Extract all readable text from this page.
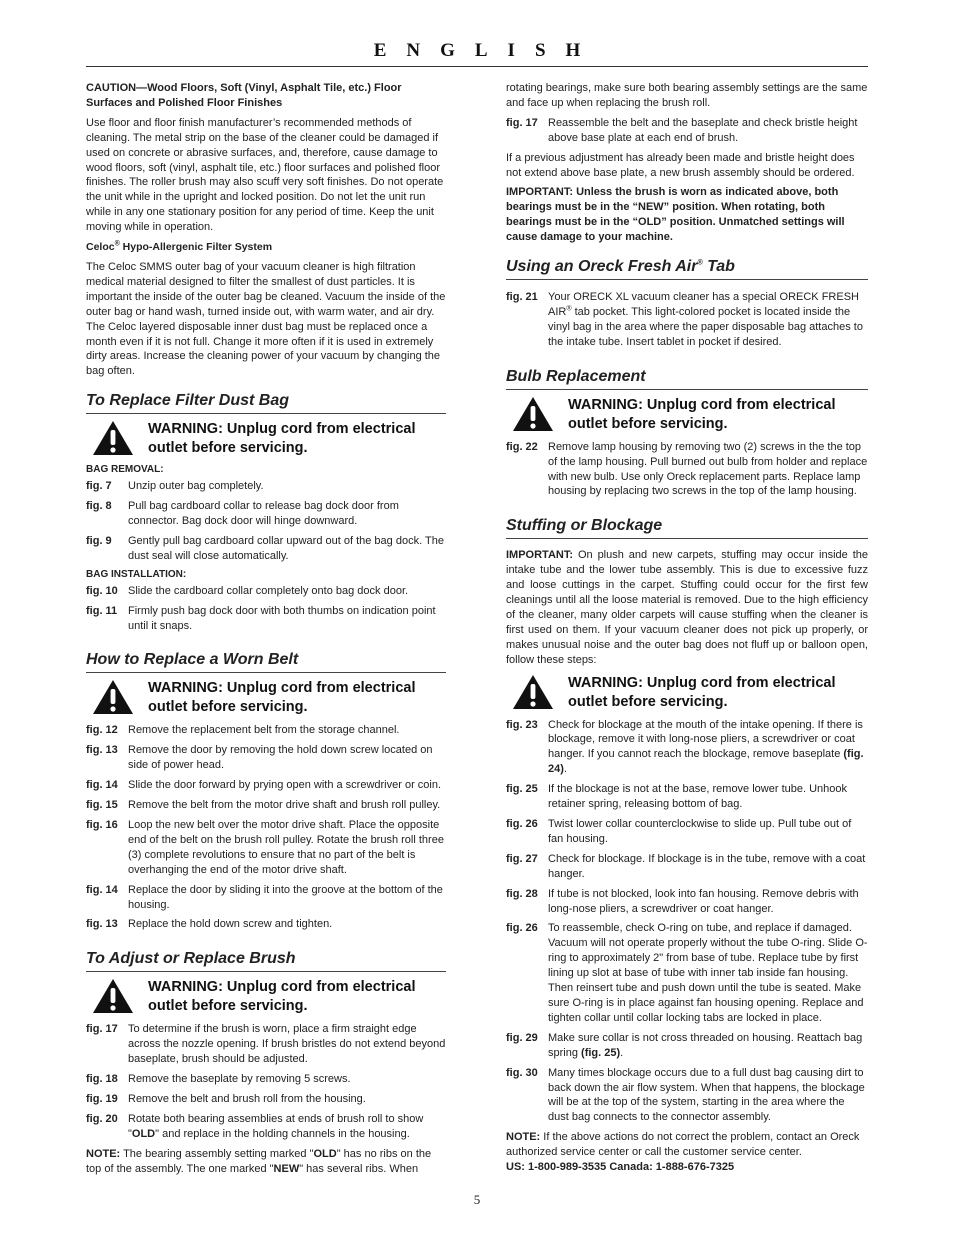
ENGLISH

CAUTION—Wood Floors, Soft (Vinyl, Asphalt Tile, etc.) Floor Surfaces and Polished Floor Finishes

Use floor and floor finish manufacturer’s recommended methods of cleaning. The metal strip on the base of the cleaner could be damaged if used on concrete or abrasive surfaces, and, therefore, cause damage to wood floors, soft (vinyl, asphalt tile, etc.) floor surfaces and polished floor finishes. The roller brush may also scuff very soft finishes. Do not operate the unit while in the upright and locked position. Do not let the unit run while in any one stationary position for any period of time. Keep the unit moving while in operation.

Celoc® Hypo-Allergenic Filter System

The Celoc SMMS outer bag of your vacuum cleaner is high filtration medical material designed to filter the smallest of dust particles. It is important the inside of the outer bag be cleaned. Vacuum the inside of the outer bag or hand wash, turned inside out, with warm water, and air dry. The Celoc layered disposable inner dust bag must be replaced once a month even if it is not full. Change it more often if it is used in extremely dirty areas. Increase the cleaning power of your vacuum by changing the bag often.

To Replace Filter Dust Bag
WARNING: Unplug cord from electrical outlet before servicing.
BAG REMOVAL:
fig. 7	Unzip outer bag completely.
fig. 8	Pull bag cardboard collar to release bag dock door from connector. Bag dock door will hinge downward.
fig. 9	Gently pull bag cardboard collar upward out of the bag dock. The dust seal will close automatically.
BAG INSTALLATION:
fig. 10 Slide the cardboard collar completely onto bag dock door.
fig. 11 Firmly push bag dock door with both thumbs on indication point until it snaps.
How to Replace a Worn Belt
WARNING: Unplug cord from electrical outlet before servicing.
fig. 12 Remove the replacement belt from the storage channel.
fig. 13 Remove the door by removing the hold down screw located on side of power head.
fig. 14 Slide the door forward by prying open with a screwdriver or coin.
fig. 15 Remove the belt from the motor drive shaft and brush roll pulley.
fig. 16 Loop the new belt over the motor drive shaft. Place the opposite end of the belt on the brush roll pulley. Rotate the brush roll three (3) complete revolutions to ensure that no part of the belt is overhanging the end of the motor drive shaft.
fig. 14 Replace the door by sliding it into the groove at the bottom of the housing.
fig. 13 Replace the hold down screw and tighten.
To Adjust or Replace Brush
WARNING: Unplug cord from electrical outlet before servicing.
fig. 17 To determine if the brush is worn, place a firm straight edge across the nozzle opening. If brush bristles do not extend beyond baseplate, brush should be adjusted.
fig. 18 Remove the baseplate by removing 5 screws.
fig. 19 Remove the belt and brush roll from the housing.
fig. 20 Rotate both bearing assemblies at ends of brush roll to show "OLD" and replace in the holding channels in the housing.

NOTE: The bearing assembly setting marked "OLD" has no ribs on the top of the assembly. The one marked "NEW" has several ribs. When

rotating bearings, make sure both bearing assembly settings are the same and face up when replacing the brush roll.

fig. 17 Reassemble the belt and the baseplate and check bristle height above base plate at each end of brush.

If a previous adjustment has already been made and bristle height does not extend above base plate, a new brush assembly should be ordered.

IMPORTANT: Unless the brush is worn as indicated above, both bearings must be in the “NEW” position. When rotating, both bearings must be in the “OLD” position. Unmatched settings will cause damage to your machine.

Using an Oreck Fresh Air® Tab
fig. 21 Your ORECK XL vacuum cleaner has a special ORECK FRESH AIR® tab pocket. This light-colored pocket is located inside the vinyl bag in the area where the paper disposable bag attaches to the intake tube. Insert tablet in pocket if desired.
Bulb Replacement
WARNING: Unplug cord from electrical outlet before servicing.
fig. 22 Remove lamp housing by removing two (2) screws in the the top of the lamp housing. Pull burned out bulb from holder and replace with new bulb. Use only Oreck replacement parts. Replace lamp housing by replacing two screws in the top of the lamp housing.
Stuffing or Blockage

IMPORTANT: On plush and new carpets, stuffing may occur inside the intake tube and the lower tube assembly. This is due to excessive fuzz and loose cuttings in the carpet. Stuffing could occur for the first few cleanings until all the loose material is removed. Due to the high efficiency of the cleaner, many older carpets will cause stuffing when the cleaner is first used on them. If your vacuum cleaner does not pick up properly, or makes unusual noise and the outer bag does not fluff up or balloon open, follow these steps:

WARNING: Unplug cord from electrical outlet before servicing.
fig. 23 Check for blockage at the mouth of the intake opening. If there is blockage, remove it with long-nose pliers, a screwdriver or coat hanger. If you cannot reach the blockage, remove baseplate (fig. 24).
fig. 25 If the blockage is not at the base, remove lower tube. Unhook retainer spring, releasing bottom of bag.
fig. 26 Twist lower collar counterclockwise to slide up. Pull tube out of fan housing.
fig. 27 Check for blockage. If blockage is in the tube, remove with a coat hanger.
fig. 28 If tube is not blocked, look into fan housing. Remove debris with long-nose pliers, a screwdriver or coat hanger.
fig. 26 To reassemble, check O-ring on tube, and replace if damaged. Vacuum will not operate properly without the tube O-ring. Slide O-ring to approximately 2" from base of tube. Replace tube by first lining up slot at base of tube with inner tab inside fan housing. Then reinsert tube and push down until the tube is seated. Make sure O-ring is in place against fan housing opening. Replace and tighten collar until collar locking tabs are locked in place.
fig. 29 Make sure collar is not cross threaded on housing. Reattach bag spring (fig. 25).
fig. 30 Many times blockage occurs due to a full dust bag causing dirt to back down the air flow system. When that happens, the blockage will be at the top of the system, starting in the area where the dust bag connects to the connector assembly.

NOTE: If the above actions do not correct the problem, contact an Oreck authorized service center or call the customer service center.

US: 1-800-989-3535 Canada: 1-888-676-7325

5
